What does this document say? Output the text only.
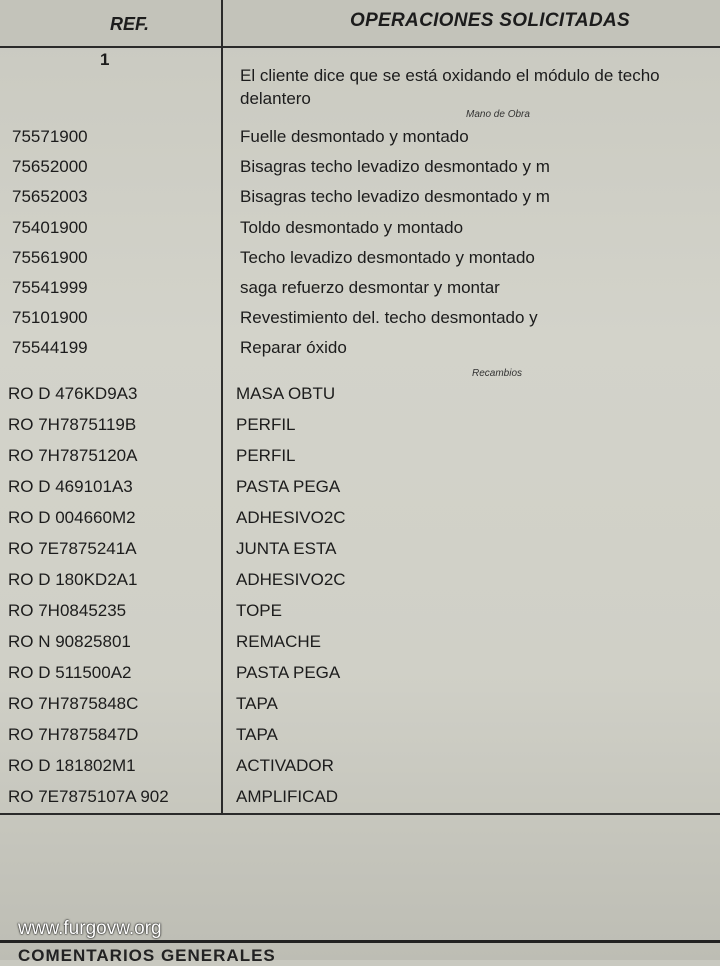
REF.	OPERACIONES SOLICITADAS
1
El cliente dice que se está oxidando el módulo de techo delantero
Mano de Obra
75571900	Fuelle desmontado y montado
75652000	Bisagras techo levadizo desmontado y m
75652003	Bisagras techo levadizo desmontado y m
75401900	Toldo desmontado y montado
75561900	Techo levadizo desmontado y montado
75541999	saga refuerzo desmontar y montar
75101900	Revestimiento del. techo desmontado y
75544199	Reparar óxido
Recambios
RO D 476KD9A3	MASA OBTU
RO 7H7875119B	PERFIL
RO 7H7875120A	PERFIL
RO D 469101A3	PASTA PEGA
RO D 004660M2	ADHESIVO2C
RO 7E7875241A	JUNTA ESTA
RO D 180KD2A1	ADHESIVO2C
RO 7H0845235	TOPE
RO N 90825801	REMACHE
RO D 511500A2	PASTA PEGA
RO 7H7875848C	TAPA
RO 7H7875847D	TAPA
RO D 181802M1	ACTIVADOR
RO 7E7875107A 902	AMPLIFICAD
www.furgovw.org
COMENTARIOS GENERALES
